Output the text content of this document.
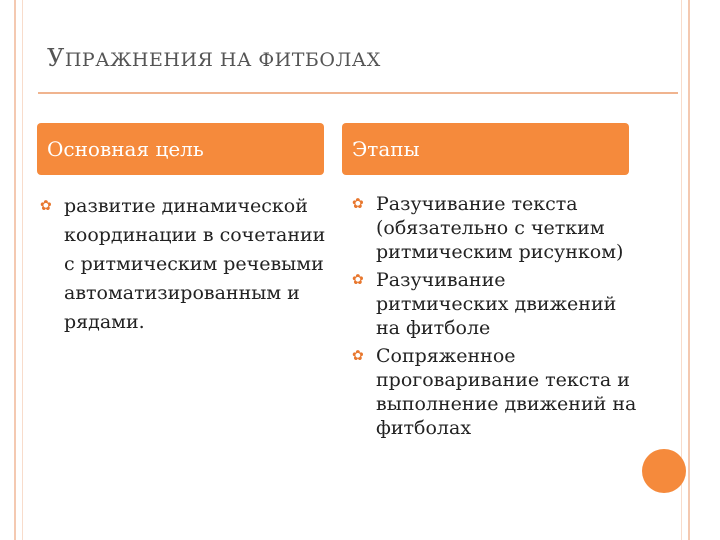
УПРАЖНЕНИЯ НА ФИТБОЛАХ
Основная цель	Этапы
✿ развитие динамической координации в сочетании с ритмическим речевыми автоматизированным и рядами.
✿ Разучивание текста (обязательно с четким ритмическим рисунком)
✿ Разучивание ритмических движений на фитболе
✿ Сопряженное проговаривание текста и выполнение движений на фитболах
